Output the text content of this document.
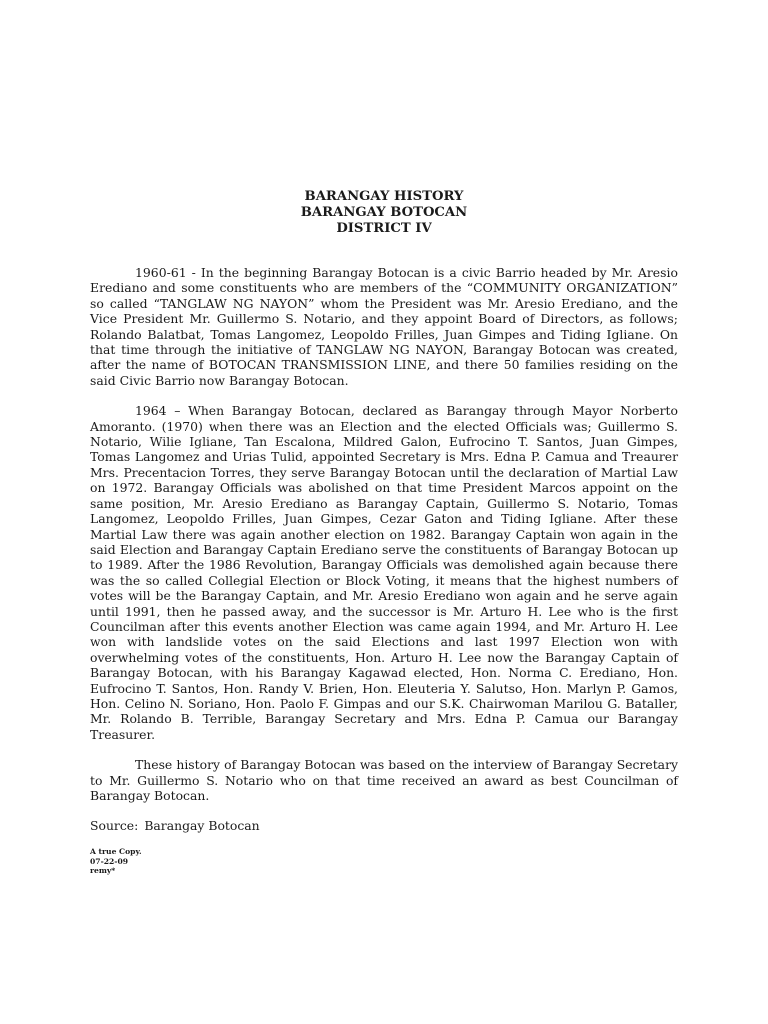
BARANGAY HISTORY
BARANGAY BOTOCAN
DISTRICT IV

1960-61 - In the beginning Barangay Botocan is a civic Barrio headed by Mr. Aresio Erediano and some constituents who are members of the “COMMUNITY ORGANIZATION” so called “TANGLAW NG NAYON” whom the President was Mr. Aresio Erediano, and the Vice President Mr. Guillermo S. Notario, and they appoint Board of Directors, as follows; Rolando Balatbat, Tomas Langomez, Leopoldo Frilles, Juan Gimpes and Tiding Igliane. On that time through the initiative of TANGLAW NG NAYON, Barangay Botocan was created, after the name of BOTOCAN TRANSMISSION LINE, and there 50 families residing on the said Civic Barrio now Barangay Botocan.

1964 – When Barangay Botocan, declared as Barangay through Mayor Norberto Amoranto. (1970) when there was an Election and the elected Officials was; Guillermo S. Notario, Wilie Igliane, Tan Escalona, Mildred Galon, Eufrocino T. Santos, Juan Gimpes, Tomas Langomez and Urias Tulid, appointed Secretary is Mrs. Edna P. Camua and Treaurer Mrs. Precentacion Torres, they serve Barangay Botocan until the declaration of Martial Law on 1972. Barangay Officials was abolished on that time President Marcos appoint on the same position, Mr. Aresio Erediano as Barangay Captain, Guillermo S. Notario, Tomas Langomez, Leopoldo Frilles, Juan Gimpes, Cezar Gaton and Tiding Igliane. After these Martial Law there was again another election on 1982. Barangay Captain won again in the said Election and Barangay Captain Erediano serve the constituents of Barangay Botocan up to 1989. After the 1986 Revolution, Barangay Officials was demolished again because there was the so called Collegial Election or Block Voting, it means that the highest numbers of votes will be the Barangay Captain, and Mr. Aresio Erediano won again and he serve again until 1991, then he passed away, and the successor is Mr. Arturo H. Lee who is the first Councilman after this events another Election was came again 1994, and Mr. Arturo H. Lee won with landslide votes on the said Elections and last 1997 Election won with overwhelming votes of the constituents, Hon. Arturo H. Lee now the Barangay Captain of Barangay Botocan, with his Barangay Kagawad elected, Hon. Norma C. Erediano, Hon. Eufrocino T. Santos, Hon. Randy V. Brien, Hon. Eleuteria Y. Salutso, Hon. Marlyn P. Gamos, Hon. Celino N. Soriano, Hon. Paolo F. Gimpas and our S.K. Chairwoman Marilou G. Bataller, Mr. Rolando B. Terrible, Barangay Secretary and Mrs. Edna P. Camua our Barangay Treasurer.

These history of Barangay Botocan was based on the interview of Barangay Secretary to Mr. Guillermo S. Notario who on that time received an award as best Councilman of Barangay Botocan.

Source: Barangay Botocan
A true Copy.
07-22-09
remy*
